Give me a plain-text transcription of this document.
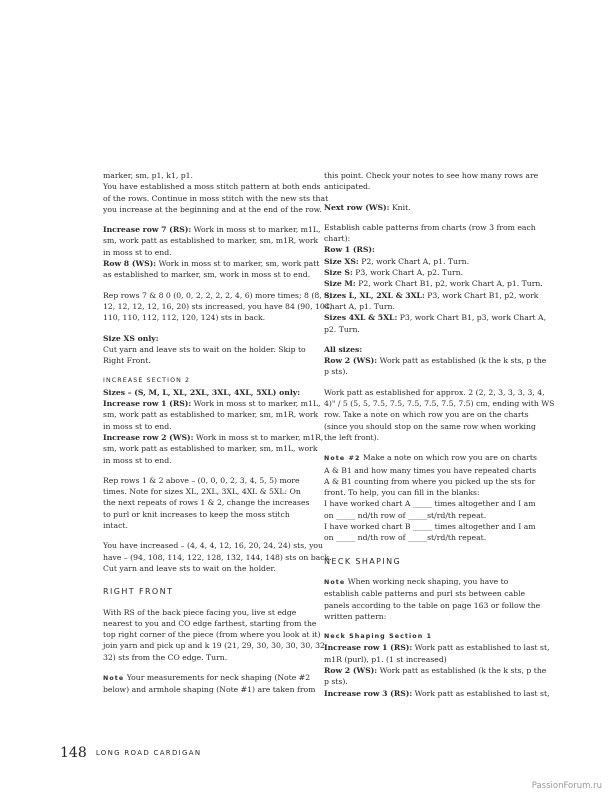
marker, sm, p1, k1, p1.
You have established a moss stitch pattern at both ends
of the rows. Continue in moss stitch with the new sts that
you increase at the beginning and at the end of the row.
Increase row 7 (RS): Work in moss st to marker, m1L,
sm, work patt as established to marker, sm, m1R, work
in moss st to end.
Row 8 (WS): Work in moss st to marker, sm, work patt
as established to marker, sm, work in moss st to end.
Rep rows 7 & 8 0 (0, 0, 2, 2, 2, 2, 4, 6) more times; 8 (8, 8,
12, 12, 12, 12, 16, 20) sts increased, you have 84 (90, 104,
110, 110, 112, 112, 120, 124) sts in back.
Size XS only:
Cut yarn and leave sts to wait on the holder. Skip to
Right Front.
INCREASE SECTION 2
Sizes – (S, M, L, XL, 2XL, 3XL, 4XL, 5XL) only:
Increase row 1 (RS): Work in moss st to marker, m1L,
sm, work patt as established to marker, sm, m1R, work
in moss st to end.
Increase row 2 (WS): Work in moss st to marker, m1R,
sm, work patt as established to marker, sm, m1L, work
in moss st to end.
Rep rows 1 & 2 above – (0, 0, 0, 2, 3, 4, 5, 5) more
times. Note for sizes XL, 2XL, 3XL, 4XL & 5XL: On
the next repeats of rows 1 & 2, change the increases
to purl or knit increases to keep the moss stitch
intact.
You have increased – (4, 4, 4, 12, 16, 20, 24, 24) sts, you
have – (94, 108, 114, 122, 128, 132, 144, 148) sts on back.
Cut yarn and leave sts to wait on the holder.
RIGHT FRONT
With RS of the back piece facing you, live st edge
nearest to you and CO edge farthest, starting from the
top right corner of the piece (from where you look at it)
join yarn and pick up and k 19 (21, 29, 30, 30, 30, 30, 32,
32) sts from the CO edge. Turn.
Note Your measurements for neck shaping (Note #2
below) and armhole shaping (Note #1) are taken from
this point. Check your notes to see how many rows are
anticipated.
Next row (WS): Knit.
Establish cable patterns from charts (row 3 from each
chart):
Row 1 (RS):
Size XS: P2, work Chart A, p1. Turn.
Size S: P3, work Chart A, p2. Turn.
Size M: P2, work Chart B1, p2, work Chart A, p1. Turn.
Sizes L, XL, 2XL & 3XL: P3, work Chart B1, p2, work
Chart A, p1. Turn.
Sizes 4XL & 5XL: P3, work Chart B1, p3, work Chart A,
p2. Turn.
All sizes:
Row 2 (WS): Work patt as established (k the k sts, p the
p sts).
Work patt as established for approx. 2 (2, 2, 3, 3, 3, 3, 4,
4)" / 5 (5, 5, 7.5, 7.5, 7.5, 7.5, 7.5, 7.5) cm, ending with WS
row. Take a note on which row you are on the charts
(since you should stop on the same row when working
the left front).
Note #2 Make a note on which row you are on charts
A & B1 and how many times you have repeated charts
A & B1 counting from where you picked up the sts for
front. To help, you can fill in the blanks:
I have worked chart A _____ times altogether and I am
on _____ nd/th row of _____st/rd/th repeat.
I have worked chart B _____ times altogether and I am
on _____ nd/th row of _____st/rd/th repeat.
NECK SHAPING
Note When working neck shaping, you have to
establish cable patterns and purl sts between cable
panels according to the table on page 163 or follow the
written pattern:
Neck Shaping Section 1
Increase row 1 (RS): Work patt as established to last st,
m1R (purl), p1. (1 st increased)
Row 2 (WS): Work patt as established (k the k sts, p the
p sts).
Increase row 3 (RS): Work patt as established to last st,
148 LONG ROAD CARDIGAN
PassionForum.ru
